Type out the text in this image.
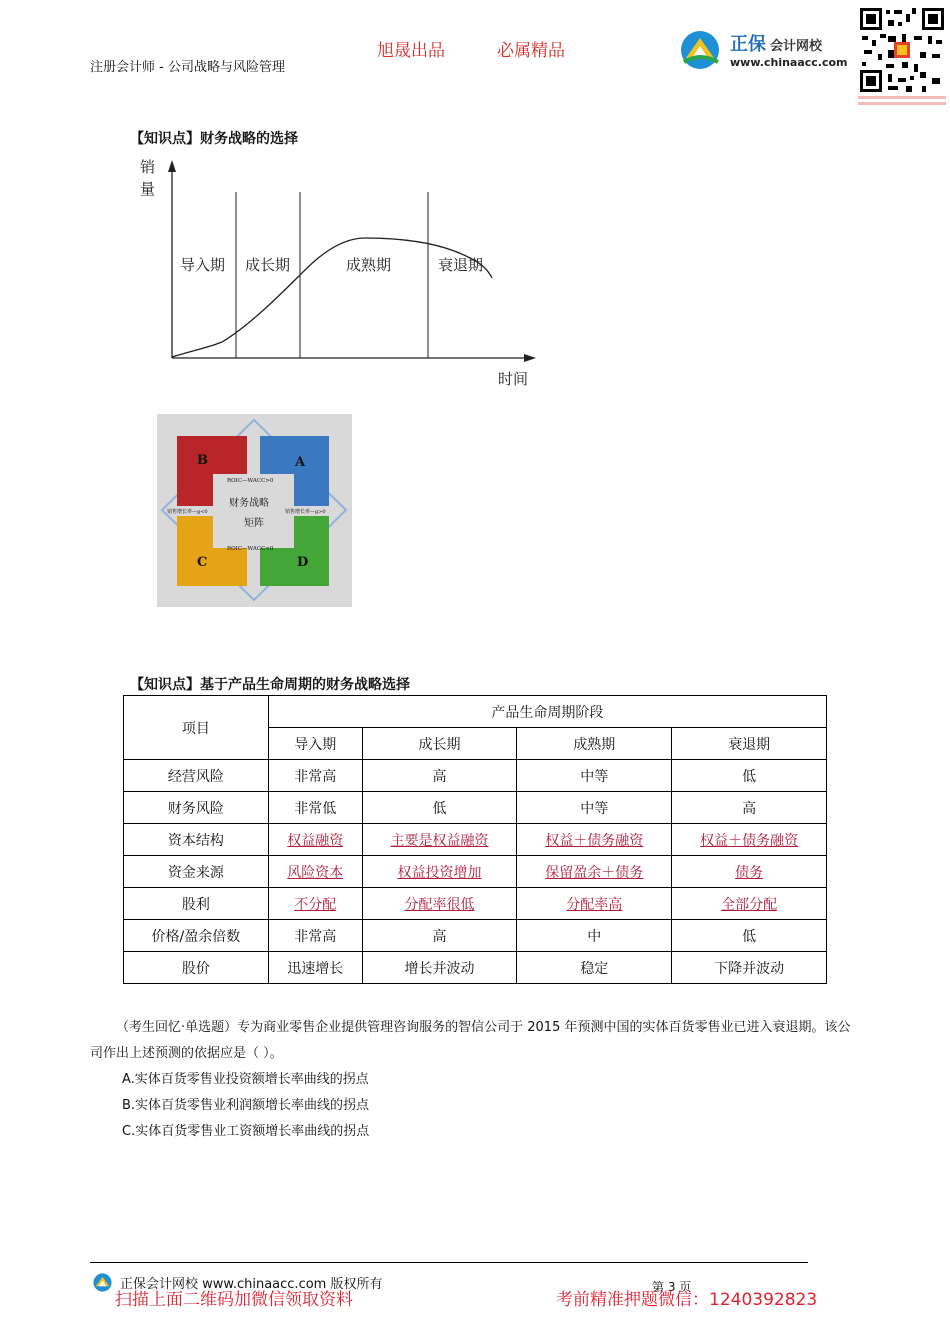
注册会计师 - 公司战略与风险管理
旭晟出品	必属精品	正保 会计网校
www.chinaacc.com
【知识点】财务战略的选择
销
量
时间
导入期 成长期	成熟期	衰退期
B	A
C	D
ROIC—WACC>0
ROIC—WACC<0
销售增长率—g<0	销售增长率—g>0
财务战略
矩阵
【知识点】基于产品生命周期的财务战略选择
项目	产品生命周期阶段			
	导入期	成长期	成熟期	衰退期
经营风险	非常高	高	中等	低
财务风险	非常低	低	中等	高
资本结构	权益融资	主要是权益融资	权益＋债务融资	权益＋债务融资
资金来源	风险资本	权益投资增加	保留盈余＋债务	债务
股利	不分配	分配率很低	分配率高	全部分配
价格/盈余倍数	非常高	高	中	低
股价	迅速增长	增长并波动	稳定	下降并波动

（考生回忆·单选题）专为商业零售企业提供管理咨询服务的智信公司于 2015 年预测中国的实体百货零售业已进入衰退期。该公司作出上述预测的依据应是（ ）。

A.实体百货零售业投资额增长率曲线的拐点

B.实体百货零售业利润额增长率曲线的拐点

C.实体百货零售业工资额增长率曲线的拐点

正保会计网校 www.chinaacc.com 版权所有	第 3 页
扫描上面二维码加微信领取资料	考前精准押题微信：1240392823
